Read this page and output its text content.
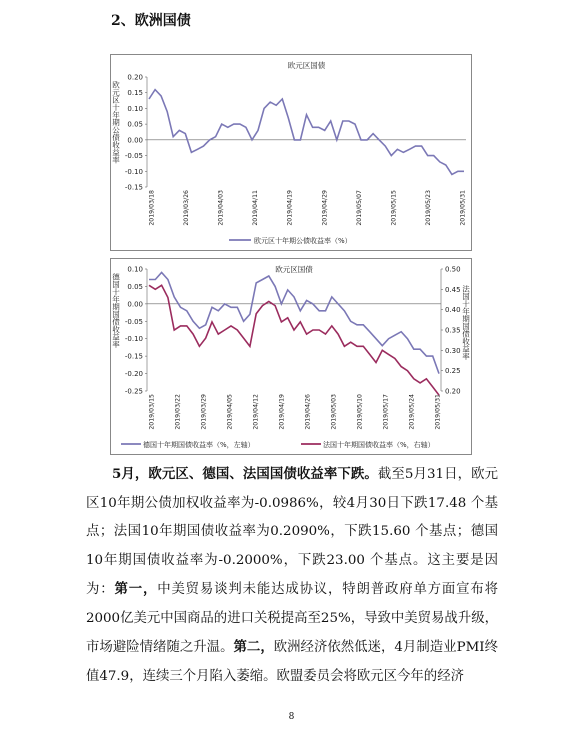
2、欧洲国债
欧元区国债
欧元区十年期公债收益率
0.20
0.15
0.10
0.05
0.00
-0.05
-0.10
-0.15
2019/03/18	2019/03/26	2019/04/03	2019/04/11	2019/04/19	2019/04/29	2019/05/07	2019/05/15	2019/05/23	2019/05/31
欧元区十年期公债收益率（%）
欧元区国债
德国十年期国债收益率	法国十年期国债收益率
0.10
0.05
0.00
-0.05
-0.10
-0.15
-0.20
-0.25
0.50
0.45
0.40
0.35
0.30
0.25
0.20
2019/03/15	2019/03/22	2019/03/29	2019/04/05	2019/04/12	2019/04/19	2019/04/26	2019/05/03	2019/05/10	2019/05/17	2019/05/24	2019/05/31
德国十年期国债收益率（%，左轴）	法国十年期国债收益率（%，右轴）

5月，欧元区、德国、法国国债收益率下跌。截至5月31日，欧元区10年期公债加权收益率为-0.0986%，较4月30日下跌17.48 个基点；法国10年期国债收益率为0.2090%，下跌15.60 个基点；德国10年期国债收益率为-0.2000%，下跌23.00 个基点。这主要是因为：第一，中美贸易谈判未能达成协议，特朗普政府单方面宣布将2000亿美元中国商品的进口关税提高至25%，导致中美贸易战升级，市场避险情绪随之升温。第二，欧洲经济依然低迷，4月制造业PMI终值47.9，连续三个月陷入萎缩。欧盟委员会将欧元区今年的经济

8
